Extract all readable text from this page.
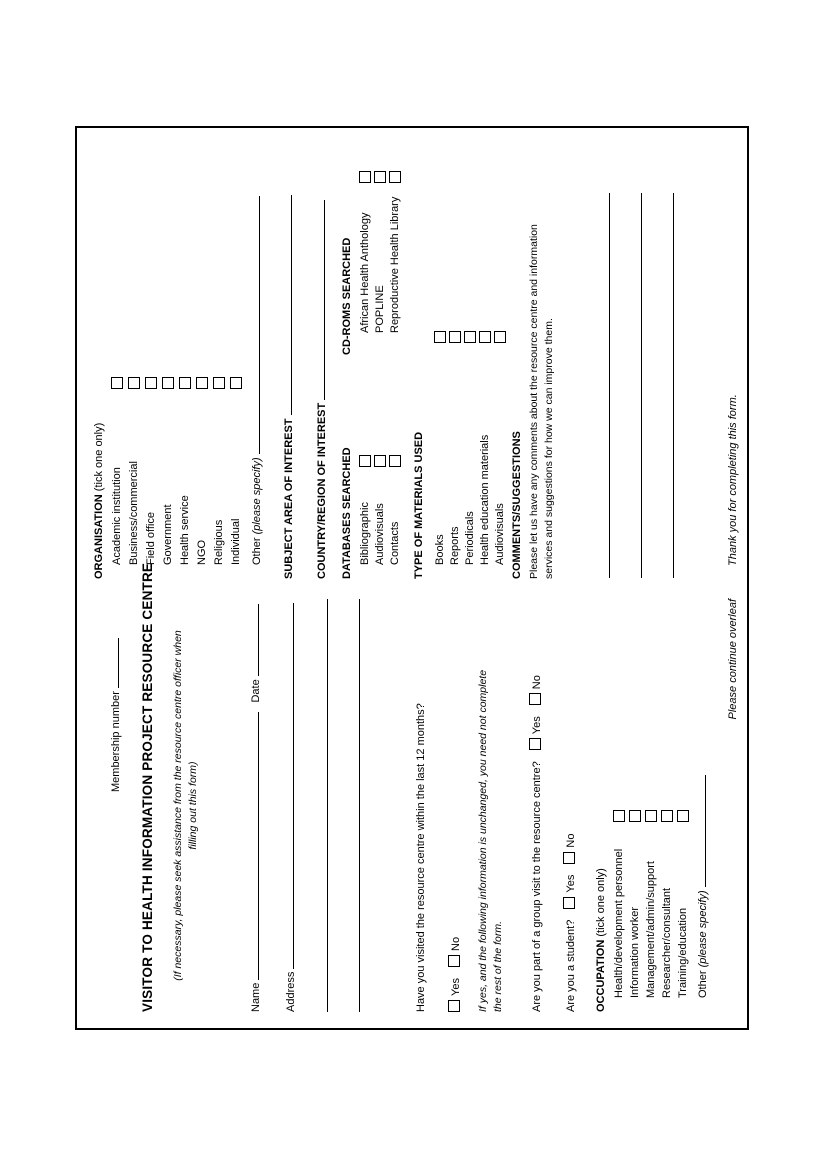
Membership number VISITOR TO HEALTH INFORMATION PROJECT RESOURCE CENTRE (If necessary, please seek assistance from the resource centre officer when filling out this form)
Name  Date
Address	Have you visited the resource centre within the last 12 months? Yes No If yes, and the following information is unchanged, you need not complete the rest of the form. Are you part of a group visit to the resource centre? Yes No
Are you a student? Yes No
OCCUPATION (tick one only) Health/development personnel Information worker Management/admin/support Researcher/consultant Training/education Other (please specify)
Please continue overleaf
ORGANISATION (tick one only)
Academic institution Business/commercial Field office Government Health service NGO Religious Individual Other (please specify) SUBJECT AREA OF INTEREST COUNTRY/REGION OF INTEREST DATABASES SEARCHED Bibliographic Audiovisuals Contacts
CD-ROMS SEARCHED African Health Anthology POPLINE Reproductive Health Library
TYPE OF MATERIALS USED Books Reports Periodicals Health education materials Audiovisuals COMMENTS/SUGGESTIONS Please let us have any comments about the resource centre and information services and suggestions for how we can improve them.	Thank you for completing this form.
